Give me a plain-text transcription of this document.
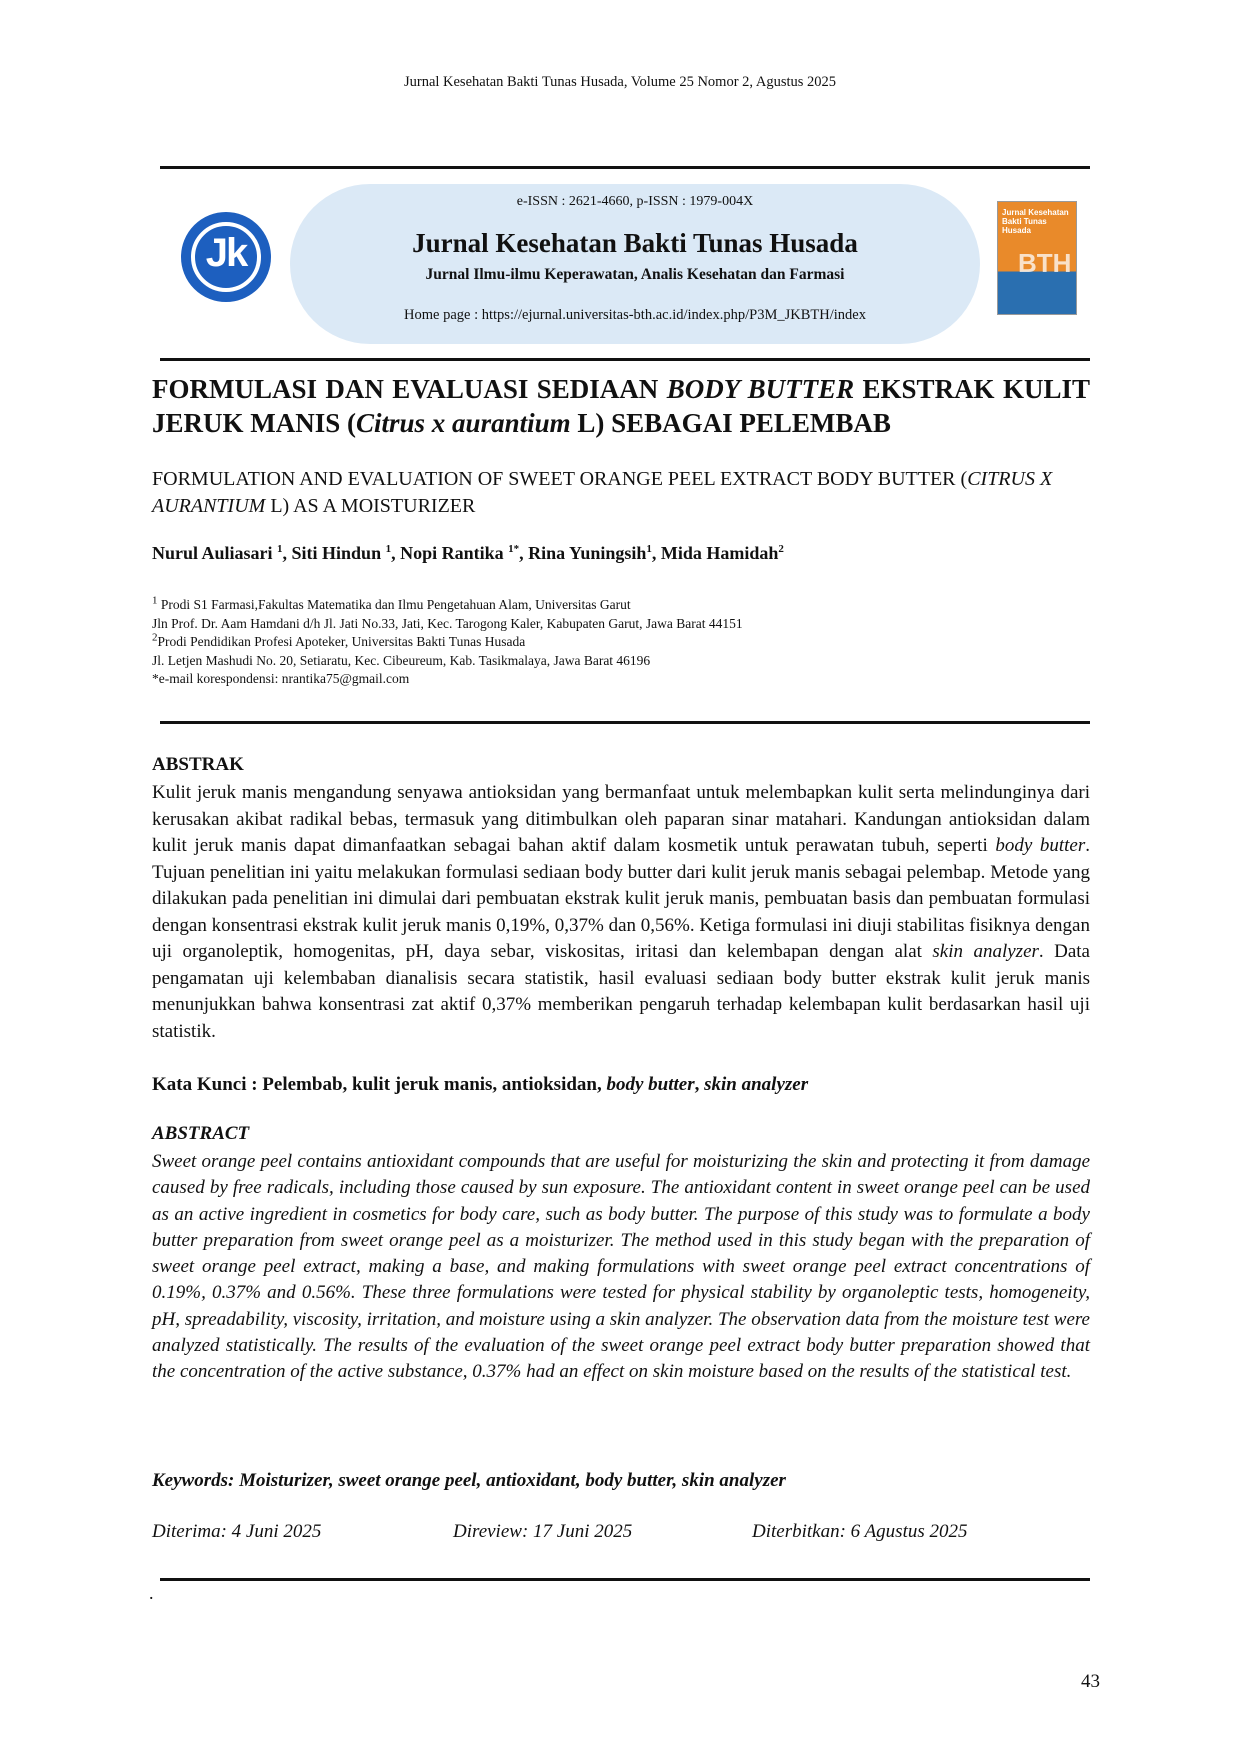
Jurnal Kesehatan Bakti Tunas Husada, Volume 25 Nomor 2, Agustus 2025
Jk
e-ISSN : 2621-4660, p-ISSN : 1979-004X
Jurnal Kesehatan Bakti Tunas Husada
Jurnal Ilmu-ilmu Keperawatan, Analis Kesehatan dan Farmasi
Home page : https://ejurnal.universitas-bth.ac.id/index.php/P3M_JKBTH/index
Jurnal Kesehatan Bakti Tunas Husada
BTH
FORMULASI DAN EVALUASI SEDIAAN BODY BUTTER EKSTRAK KULIT JERUK MANIS (Citrus x aurantium L) SEBAGAI PELEMBAB
FORMULATION AND EVALUATION OF SWEET ORANGE PEEL EXTRACT BODY BUTTER (CITRUS X AURANTIUM L) AS A MOISTURIZER
Nurul Auliasari $^1$, Siti Hindun $^1$, Nopi Rantika $^{1*}$, Rina Yuningsih$^1$, Mida Hamidah$^2$
$^1$ Prodi S1 Farmasi,Fakultas Matematika dan Ilmu Pengetahuan Alam, Universitas Garut
Jln Prof. Dr. Aam Hamdani d/h Jl. Jati No.33, Jati, Kec. Tarogong Kaler, Kabupaten Garut, Jawa Barat 44151
$^2$Prodi Pendidikan Profesi Apoteker, Universitas Bakti Tunas Husada
Jl. Letjen Mashudi No. 20, Setiaratu, Kec. Cibeureum, Kab. Tasikmalaya, Jawa Barat 46196
*e-mail korespondensi: nrantika75@gmail.com
ABSTRAK
Kulit jeruk manis mengandung senyawa antioksidan yang bermanfaat untuk melembapkan kulit serta melindunginya dari kerusakan akibat radikal bebas, termasuk yang ditimbulkan oleh paparan sinar matahari. Kandungan antioksidan dalam kulit jeruk manis dapat dimanfaatkan sebagai bahan aktif dalam kosmetik untuk perawatan tubuh, seperti body butter. Tujuan penelitian ini yaitu melakukan formulasi sediaan body butter dari kulit jeruk manis sebagai pelembap. Metode yang dilakukan pada penelitian ini dimulai dari pembuatan ekstrak kulit jeruk manis, pembuatan basis dan pembuatan formulasi dengan konsentrasi ekstrak kulit jeruk manis 0,19%, 0,37% dan 0,56%. Ketiga formulasi ini diuji stabilitas fisiknya dengan uji organoleptik, homogenitas, pH, daya sebar, viskositas, iritasi dan kelembapan dengan alat skin analyzer. Data pengamatan uji kelembaban dianalisis secara statistik, hasil evaluasi sediaan body butter ekstrak kulit jeruk manis menunjukkan bahwa konsentrasi zat aktif 0,37% memberikan pengaruh terhadap kelembapan kulit berdasarkan hasil uji statistik.
Kata Kunci : Pelembab, kulit jeruk manis, antioksidan, body butter, skin analyzer
ABSTRACT
Sweet orange peel contains antioxidant compounds that are useful for moisturizing the skin and protecting it from damage caused by free radicals, including those caused by sun exposure. The antioxidant content in sweet orange peel can be used as an active ingredient in cosmetics for body care, such as body butter. The purpose of this study was to formulate a body butter preparation from sweet orange peel as a moisturizer. The method used in this study began with the preparation of sweet orange peel extract, making a base, and making formulations with sweet orange peel extract concentrations of 0.19%, 0.37% and 0.56%. These three formulations were tested for physical stability by organoleptic tests, homogeneity, pH, spreadability, viscosity, irritation, and moisture using a skin analyzer. The observation data from the moisture test were analyzed statistically. The results of the evaluation of the sweet orange peel extract body butter preparation showed that the concentration of the active substance, 0.37% had an effect on skin moisture based on the results of the statistical test.
Keywords: Moisturizer, sweet orange peel, antioxidant, body butter, skin analyzer
Diterima: 4 Juni 2025	Direview: 17 Juni 2025	Diterbitkan: 6 Agustus 2025
.
43
